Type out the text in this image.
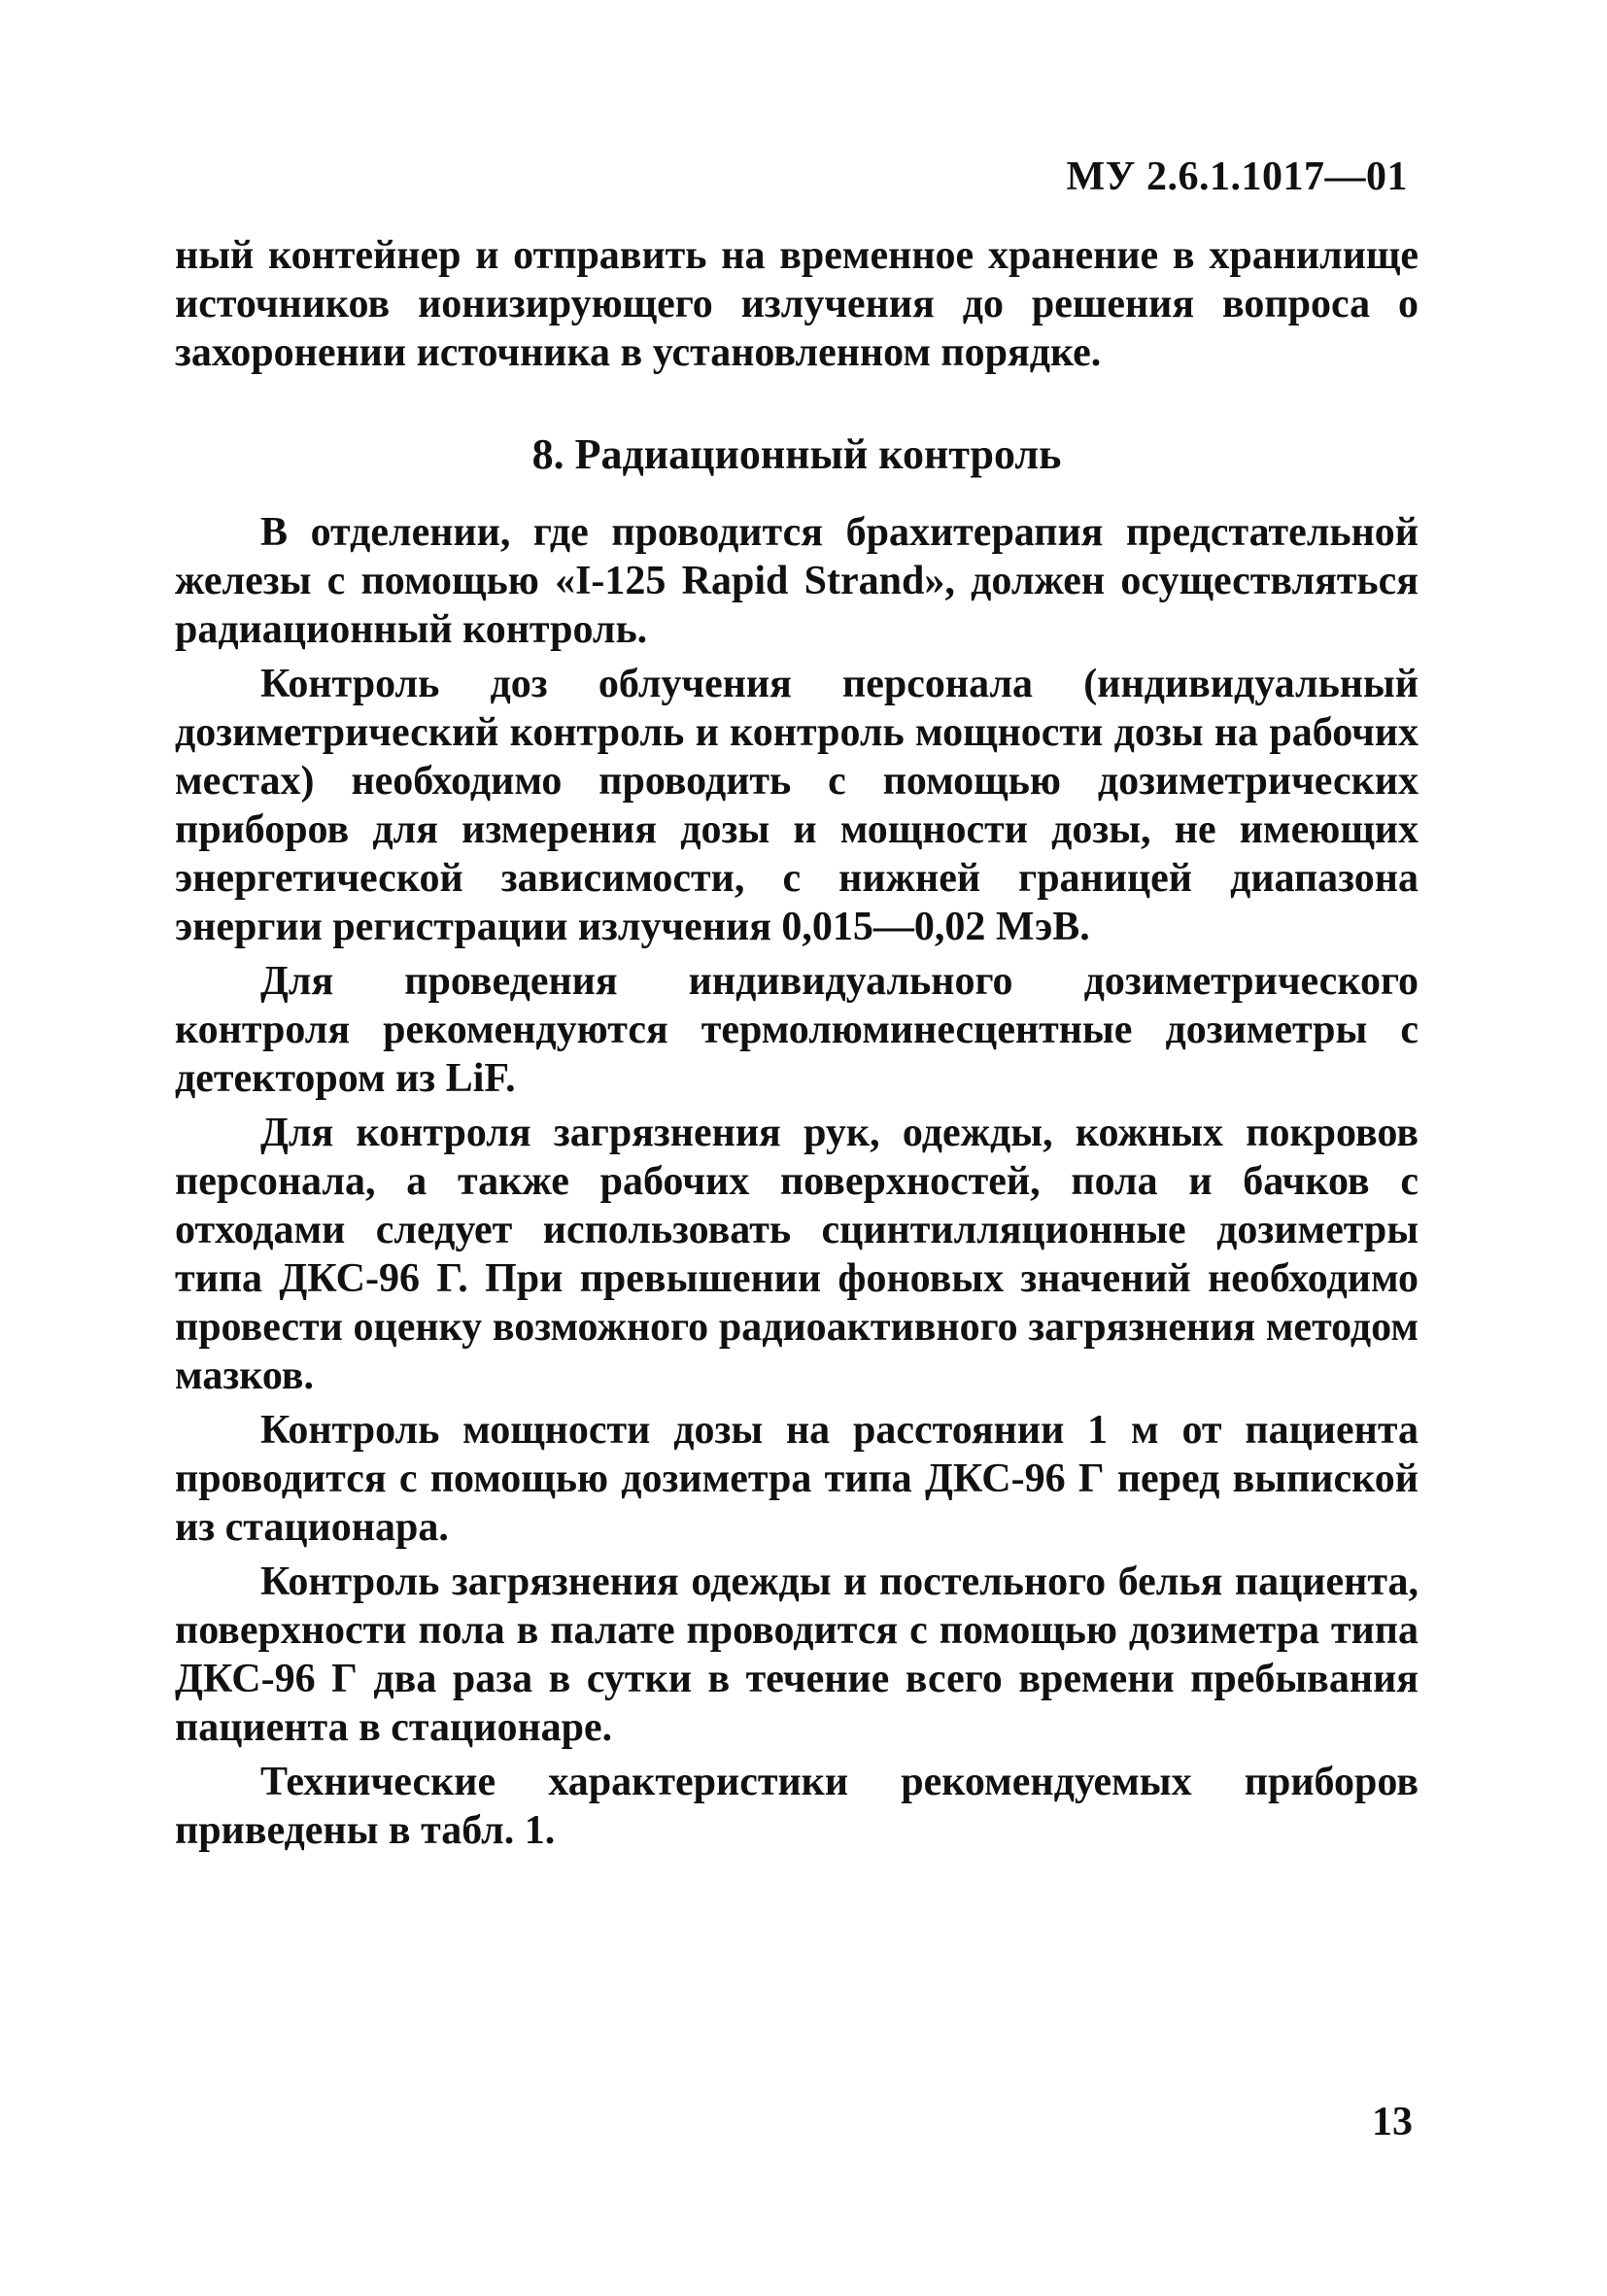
МУ 2.6.1.1017—01

ный контейнер и отправить на временное хранение в хранилище источников ионизирующего излучения до решения вопроса о захоронении источника в установленном порядке.

8. Радиационный контроль

В отделении, где проводится брахитерапия предстательной железы с помощью «I-125 Rapid Strand», должен осуществляться радиационный контроль.

Контроль доз облучения персонала (индивидуальный дозиметрический контроль и контроль мощности дозы на рабочих местах) необходимо проводить с помощью дозиметрических приборов для измерения дозы и мощности дозы, не имеющих энергетической зависимости, с нижней границей диапазона энергии регистрации излучения 0,015—0,02 МэВ.

Для проведения индивидуального дозиметрического контроля рекомендуются термолюминесцентные дозиметры с детектором из LiF.

Для контроля загрязнения рук, одежды, кожных покровов персонала, а также рабочих поверхностей, пола и бачков с отходами следует использовать сцинтилляционные дозиметры типа ДКС-96 Г. При превышении фоновых значений необходимо провести оценку возможного радиоактивного загрязнения методом мазков.

Контроль мощности дозы на расстоянии 1 м от пациента проводится с помощью дозиметра типа ДКС-96 Г перед выпиской из стационара.

Контроль загрязнения одежды и постельного белья пациента, поверхности пола в палате проводится с помощью дозиметра типа ДКС-96 Г два раза в сутки в течение всего времени пребывания пациента в стационаре.

Технические характеристики рекомендуемых приборов приведены в табл. 1.

13
